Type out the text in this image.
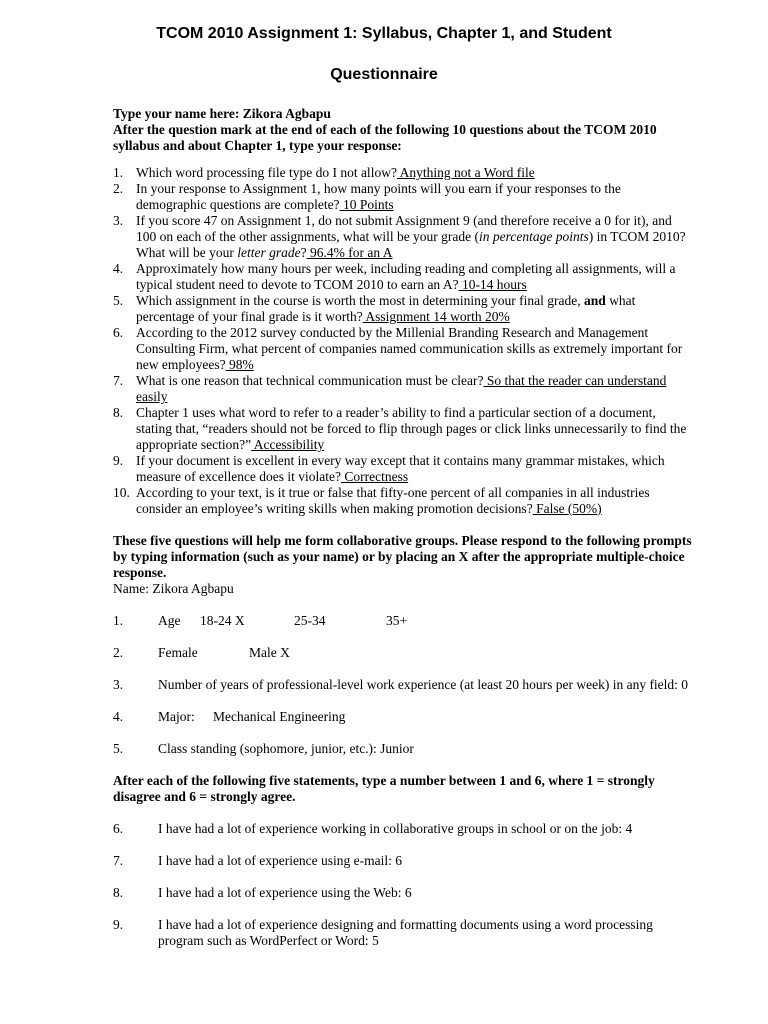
TCOM 2010 Assignment 1: Syllabus, Chapter 1, and Student
Questionnaire
Type your name here: Zikora Agbapu
After the question mark at the end of each of the following 10 questions about the TCOM 2010 syllabus and about Chapter 1, type your response:
1. Which word processing file type do I not allow? Anything not a Word file
2. In your response to Assignment 1, how many points will you earn if your responses to the demographic questions are complete? 10 Points
3. If you score 47 on Assignment 1, do not submit Assignment 9 (and therefore receive a 0 for it), and 100 on each of the other assignments, what will be your grade (in percentage points) in TCOM 2010? What will be your letter grade? 96.4% for an A
4. Approximately how many hours per week, including reading and completing all assignments, will a typical student need to devote to TCOM 2010 to earn an A? 10-14 hours
5. Which assignment in the course is worth the most in determining your final grade, and what percentage of your final grade is it worth? Assignment 14 worth 20%
6. According to the 2012 survey conducted by the Millenial Branding Research and Management Consulting Firm, what percent of companies named communication skills as extremely important for new employees? 98%
7. What is one reason that technical communication must be clear? So that the reader can understand easily
8. Chapter 1 uses what word to refer to a reader’s ability to find a particular section of a document, stating that, “readers should not be forced to flip through pages or click links unnecessarily to find the appropriate section?” Accessibility
9. If your document is excellent in every way except that it contains many grammar mistakes, which measure of excellence does it violate? Correctness
10. According to your text, is it true or false that fifty-one percent of all companies in all industries consider an employee’s writing skills when making promotion decisions? False (50%)
These five questions will help me form collaborative groups. Please respond to the following prompts by typing information (such as your name) or by placing an X after the appropriate multiple-choice response.
Name: Zikora Agbapu
1.	Age 18-24 X	25-34	35+
2.	Female	Male X
3.	Number of years of professional-level work experience (at least 20 hours per week) in any field: 0
4.	Major: Mechanical Engineering
5.	Class standing (sophomore, junior, etc.): Junior
After each of the following five statements, type a number between 1 and 6, where 1 = strongly disagree and 6 = strongly agree.
6.	I have had a lot of experience working in collaborative groups in school or on the job: 4
7.	I have had a lot of experience using e-mail: 6
8.	I have had a lot of experience using the Web: 6
9.	I have had a lot of experience designing and formatting documents using a word processing program such as WordPerfect or Word: 5
